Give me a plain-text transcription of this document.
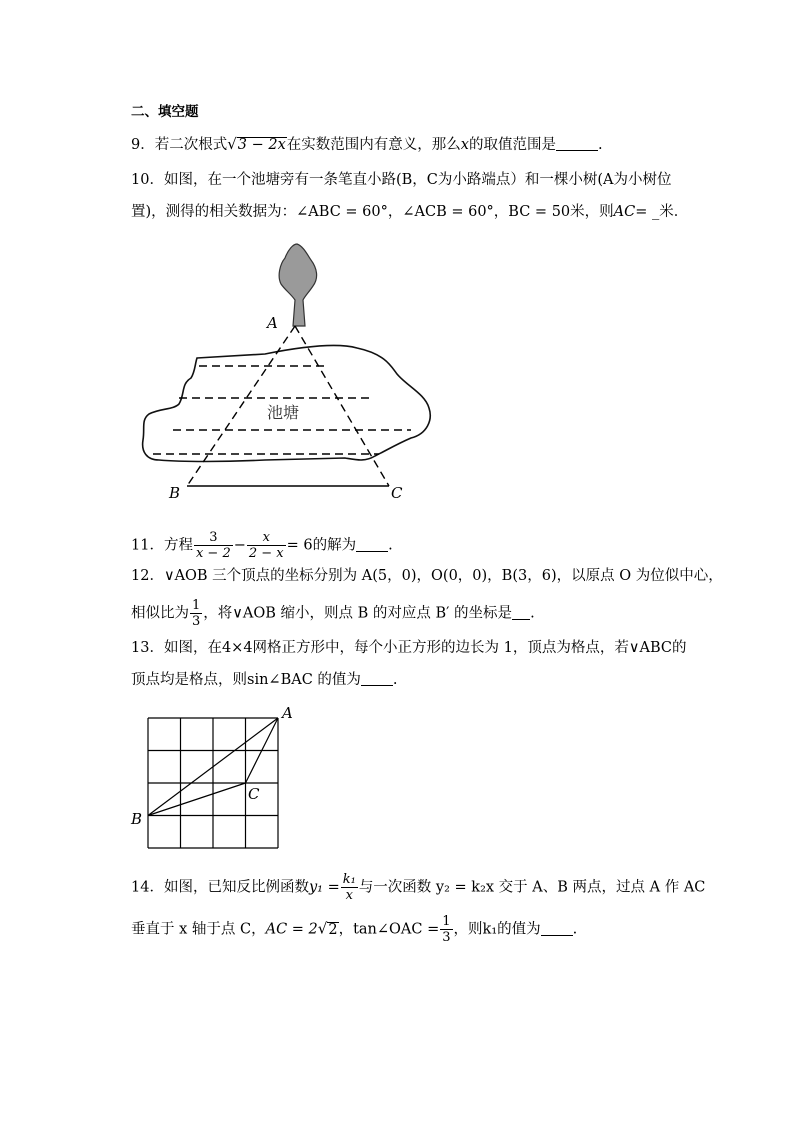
二、填空题
9．若二次根式√3 − 2x在实数范围内有意义，那么x的取值范围是	.
10．如图，在一个池塘旁有一条笔直小路(B，C为小路端点）和一棵小树(A为小树位
置)，测得的相关数据为：∠ABC = 60°，∠ACB = 60°，BC = 50米，则AC= _米．
A
B	C
池塘
11．方程 $\frac{3}{x - 2} - \frac{x}{2 - x} = 6$的解为 .
12．∨AOB 三个顶点的坐标分别为 A(5，0)，O(0，0)，B(3，6)，以原点 O 为位似中心，
相似比为 $\frac{1}{3}$ ，将∨AOB 缩小，则点 B 的对应点 B′ 的坐标是 .
13．如图，在4×4网格正方形中，每个小正方形的边长为 1，顶点为格点，若∨ABC的
顶点均是格点，则sin∠BAC 的值为 .
A
B
C
14．如图，已知反比例函数$y_1 = \frac{\text{k₁}}{x}$ 与一次函数 y₂ = k₂x 交于 A、B 两点，过点 A 作 AC
垂直于 x 轴于点 C，AC = 2√2，tan∠OAC = $\frac{1}{3}$ ，则k₁的值为 .
